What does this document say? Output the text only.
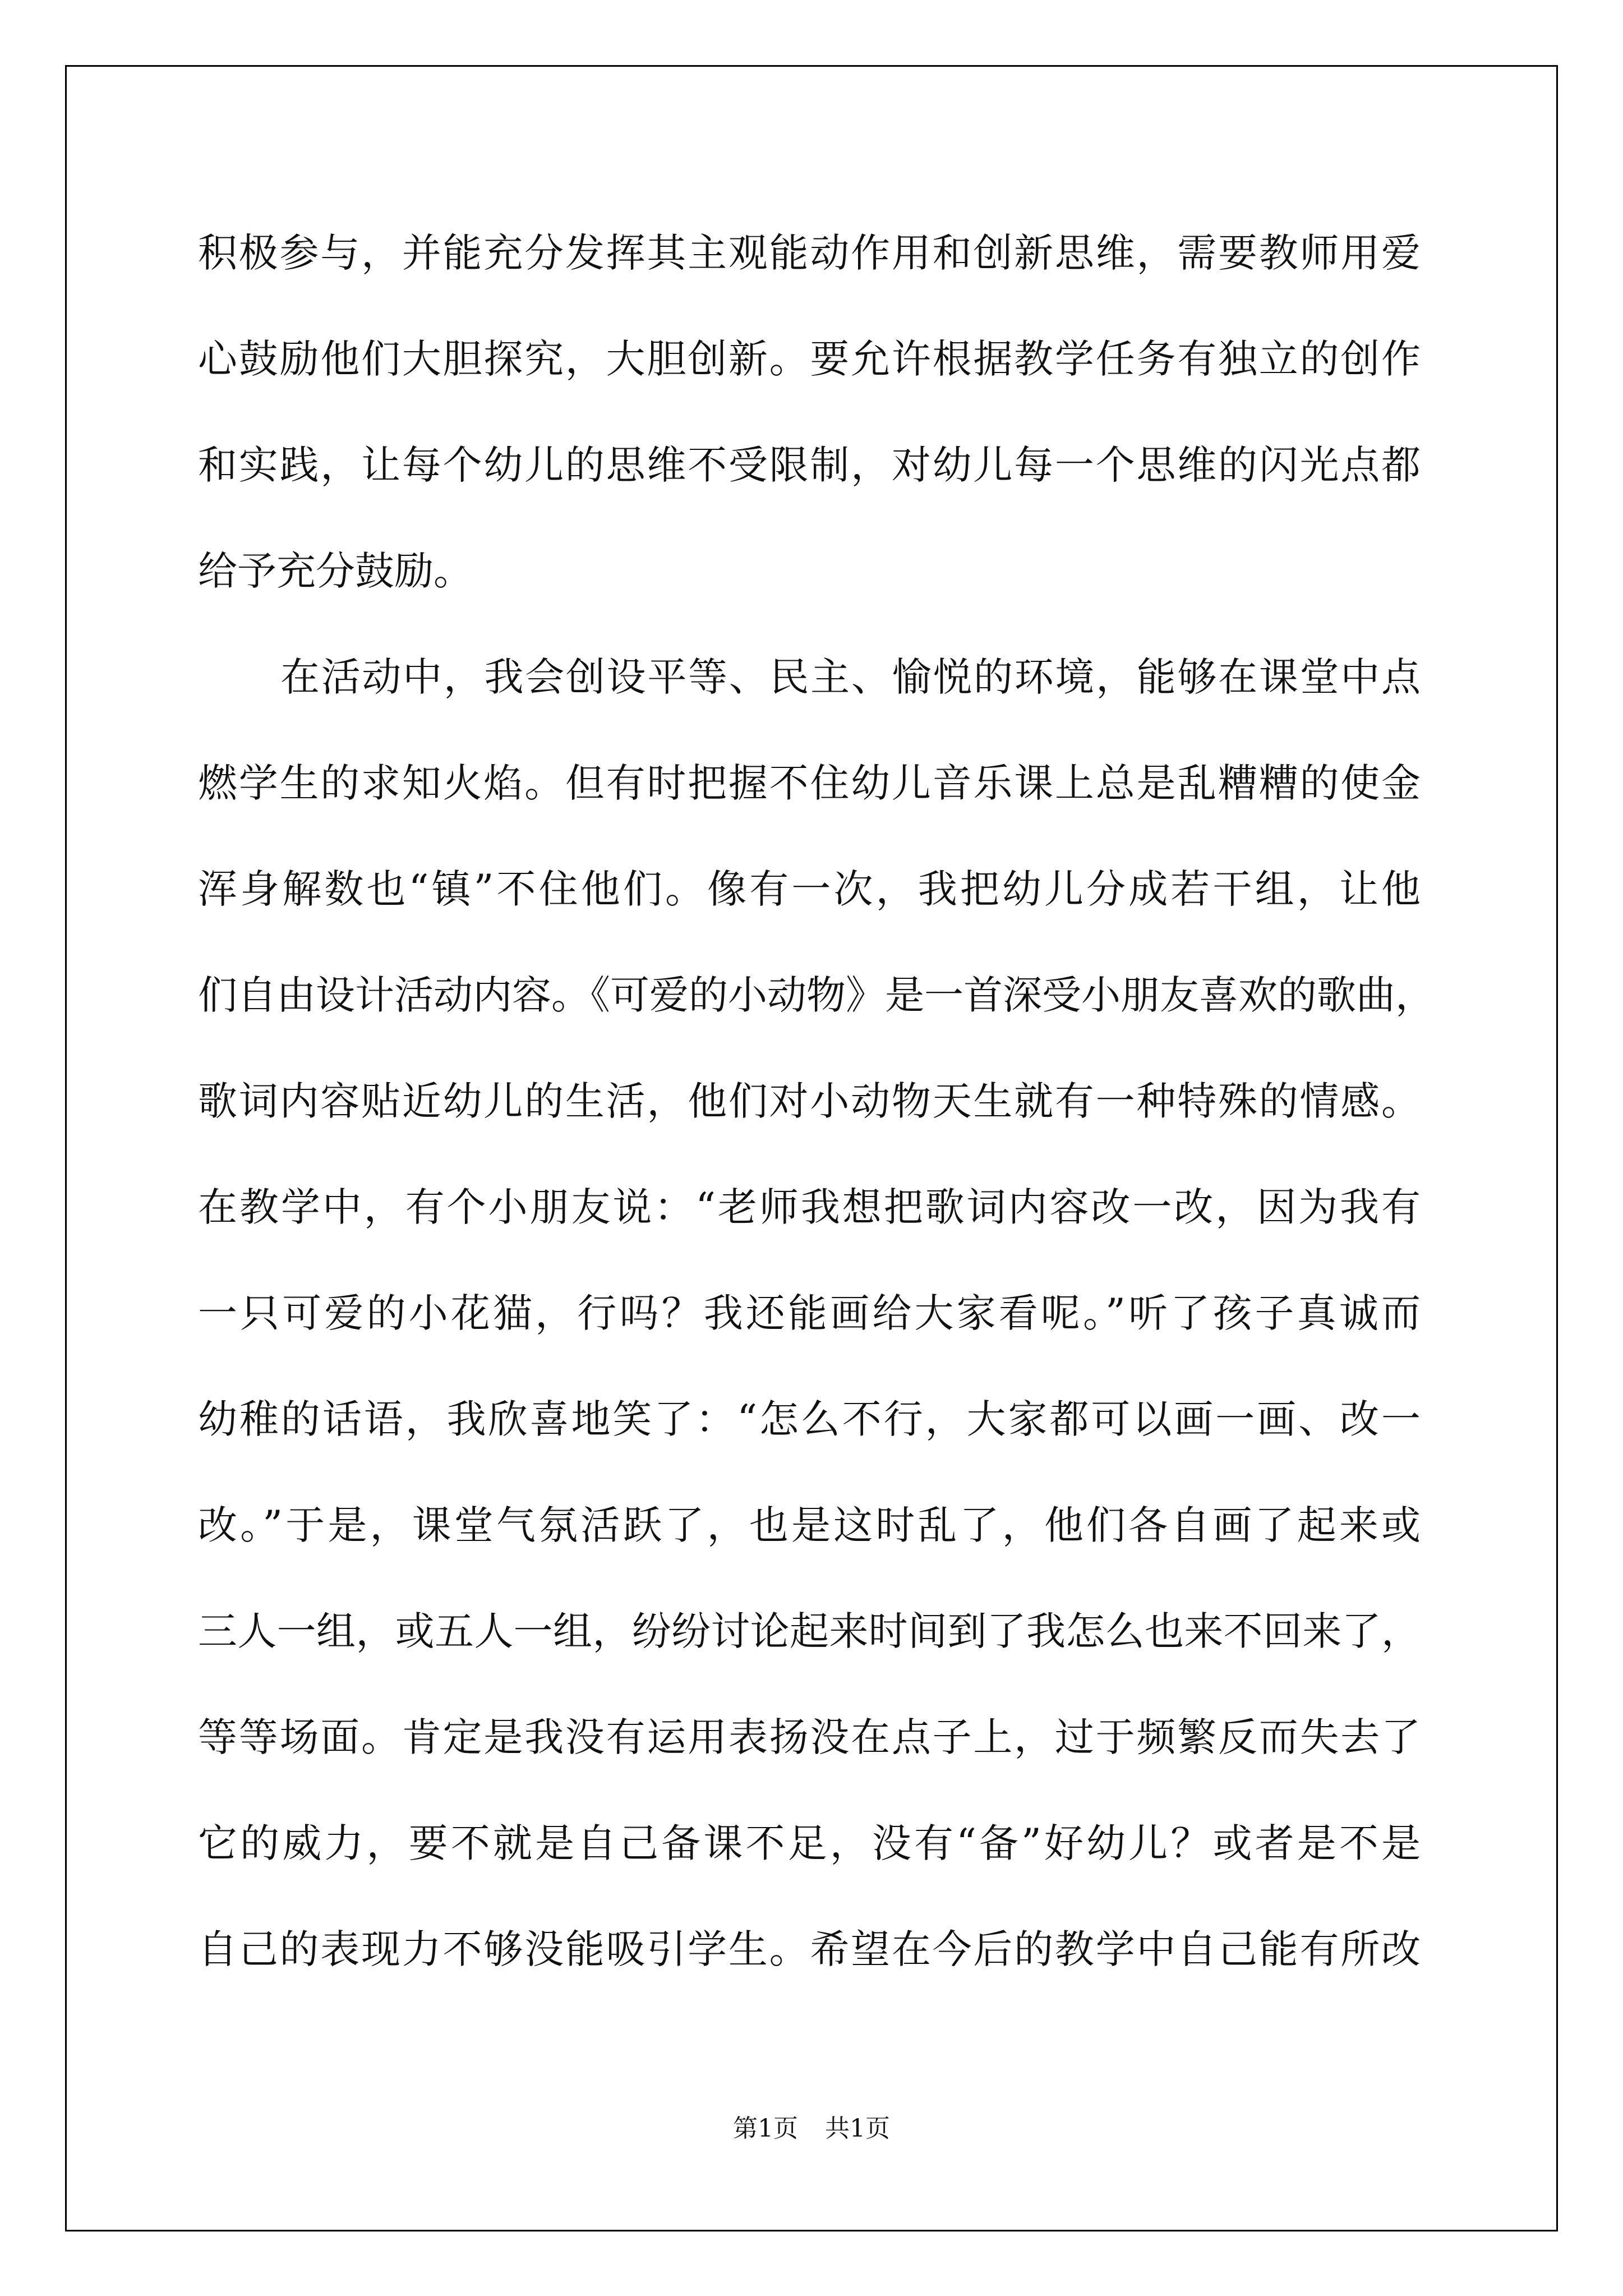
积极参与，并能充分发挥其主观能动作用和创新思维，需要教师用爱
心鼓励他们大胆探究，大胆创新。要允许根据教学任务有独立的创作
和实践，让每个幼儿的思维不受限制，对幼儿每一个思维的闪光点都
给予充分鼓励。
在活动中，我会创设平等、民主、愉悦的环境，能够在课堂中点
燃学生的求知火焰。但有时把握不住幼儿音乐课上总是乱糟糟的使金
浑身解数也“镇”不住他们。像有一次，我把幼儿分成若干组，让他
们自由设计活动内容。《可爱的小动物》是一首深受小朋友喜欢的歌曲，
歌词内容贴近幼儿的生活，他们对小动物天生就有一种特殊的情感。
在教学中，有个小朋友说：“老师我想把歌词内容改一改，因为我有
一只可爱的小花猫，行吗？我还能画给大家看呢。”听了孩子真诚而
幼稚的话语，我欣喜地笑了：“怎么不行，大家都可以画一画、改一
改。”于是，课堂气氛活跃了，也是这时乱了，他们各自画了起来或
三人一组，或五人一组，纷纷讨论起来时间到了我怎么也来不回来了，
等等场面。肯定是我没有运用表扬没在点子上，过于频繁反而失去了
它的威力，要不就是自己备课不足，没有“备”好幼儿？或者是不是
自己的表现力不够没能吸引学生。希望在今后的教学中自己能有所改
第1页 共1页
